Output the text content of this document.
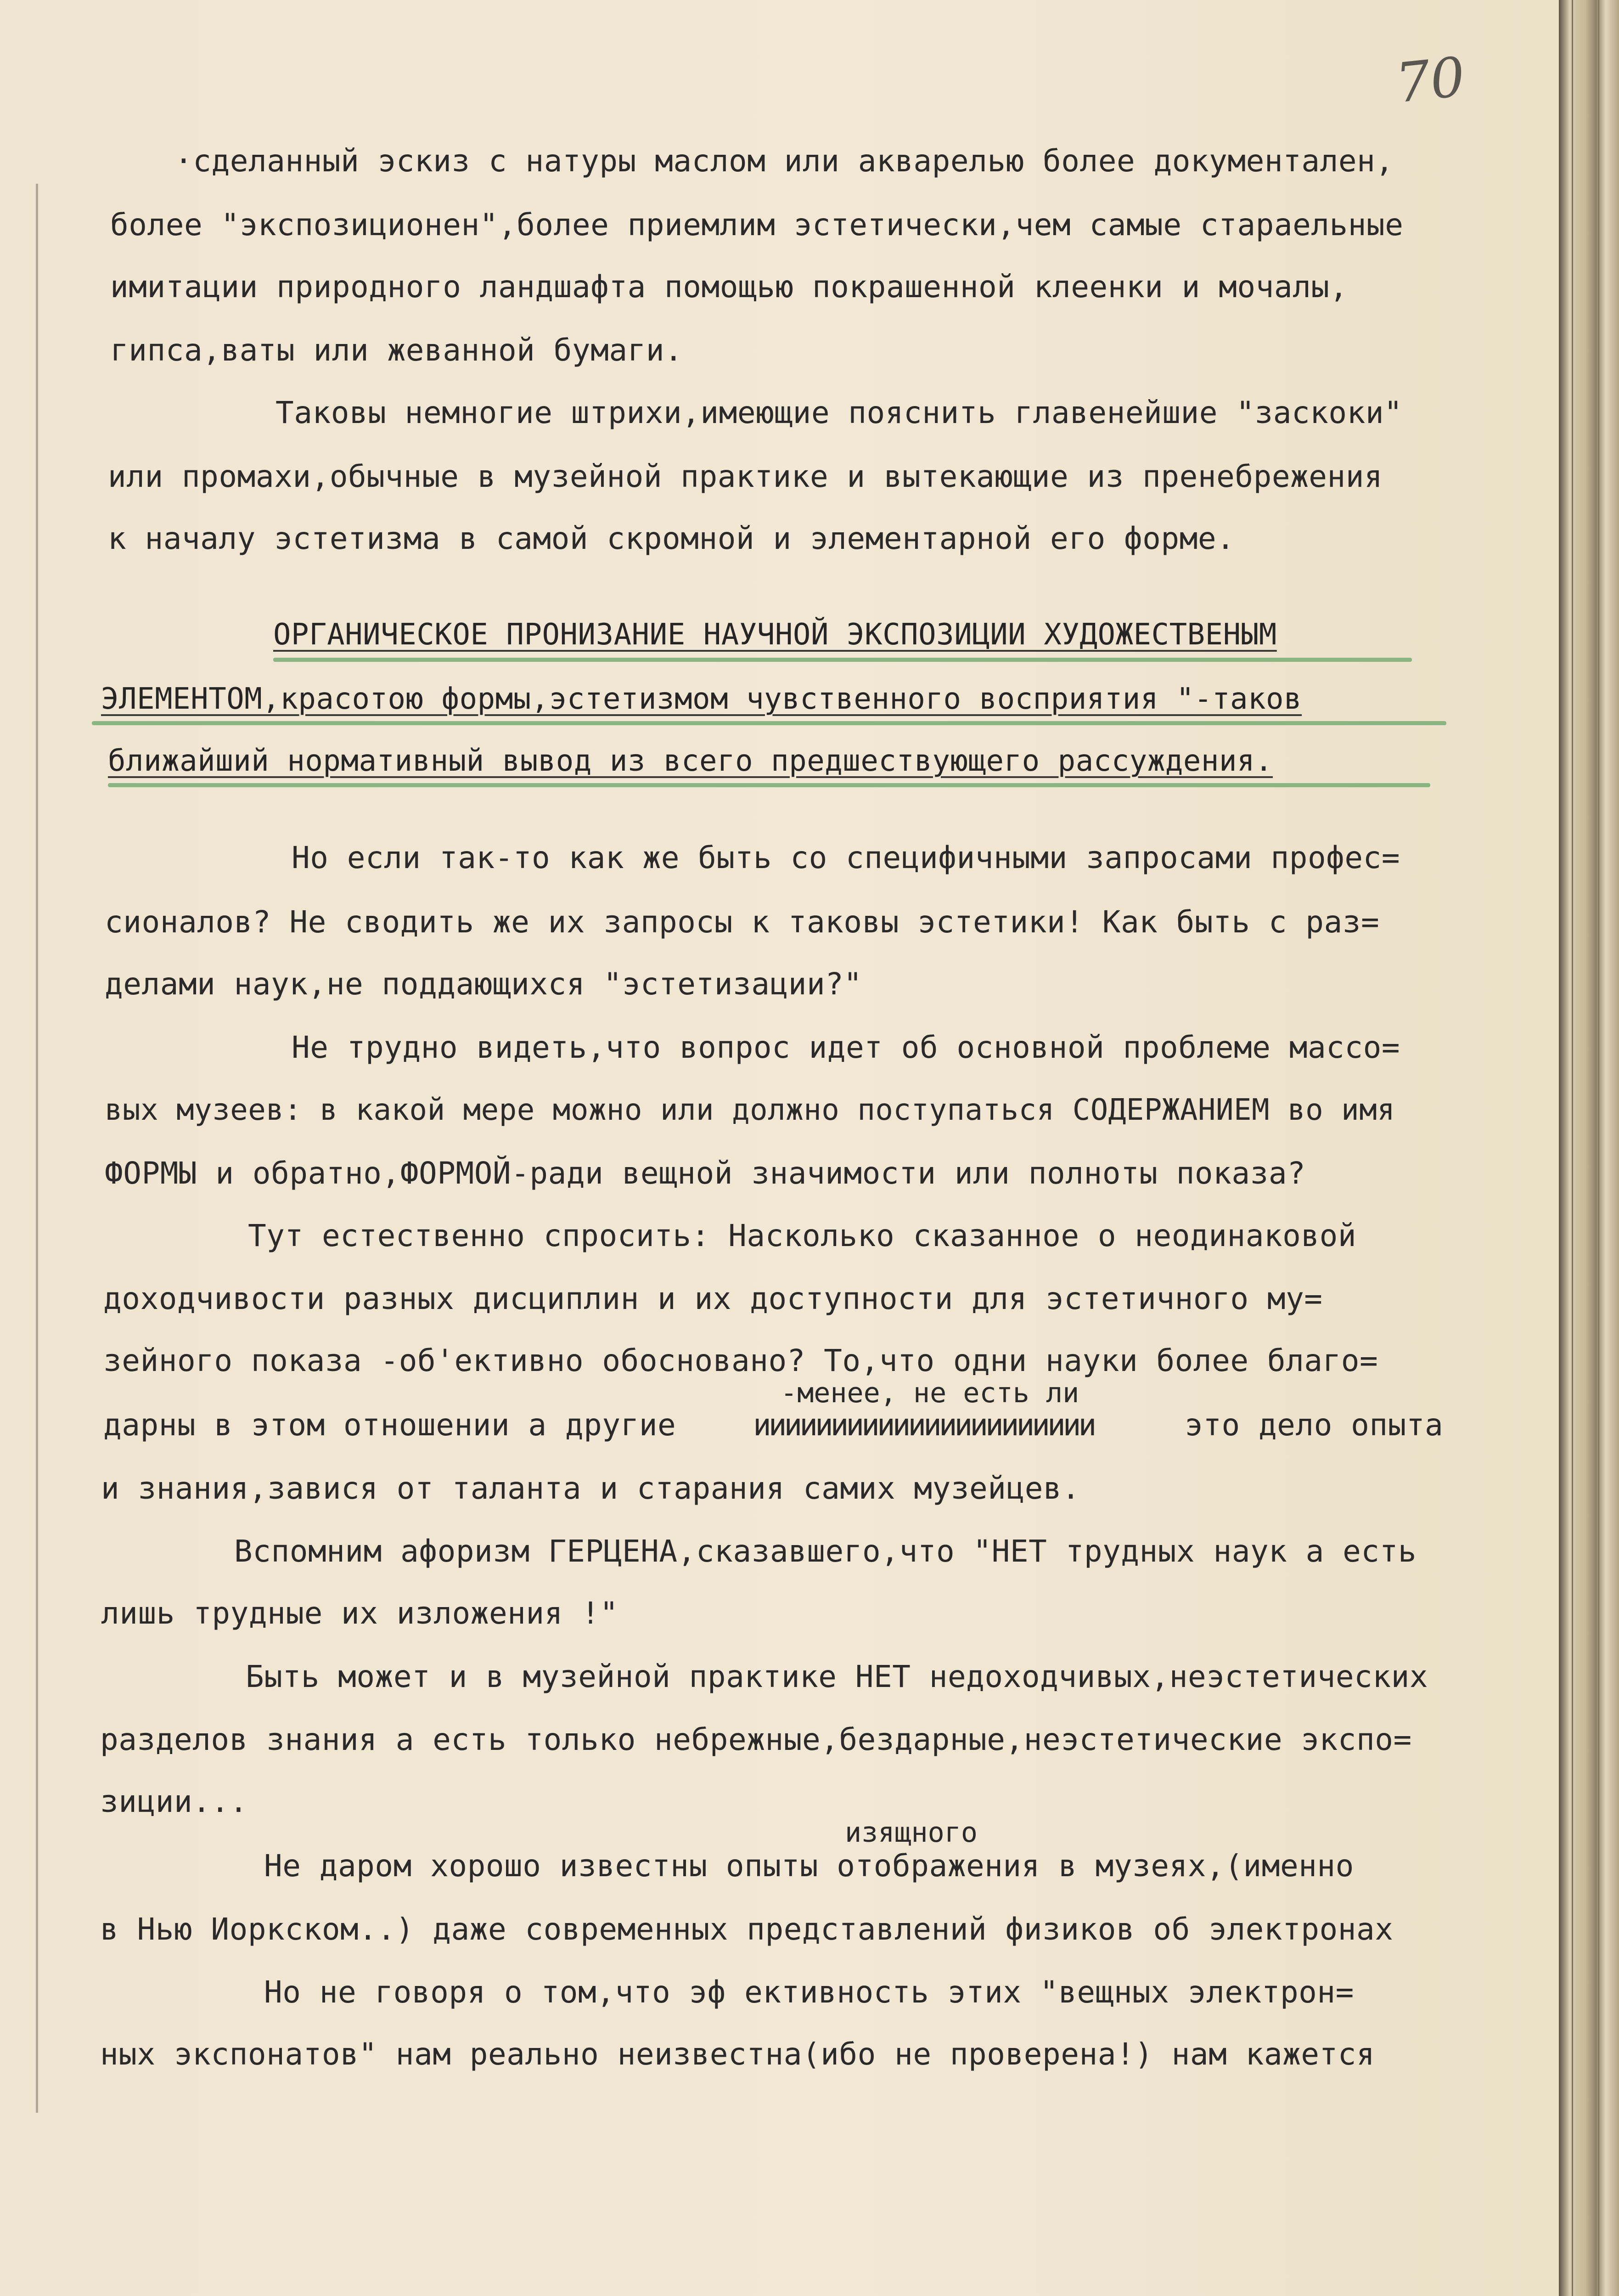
70

·сделанный эскиз с натуры маслом или акварелью более документален,

более "экспозиционен",более приемлим эстетически,чем самые стараельные

имитации природного ландшафта помощью покрашенной клеенки и мочалы,

гипса,ваты или жеванной бумаги.

Таковы немногие штрихи,имеющие пояснить главенейшие "заскоки"

или промахи,обычные в музейной практике и вытекающие из пренебрежения

к началу эстетизма в самой скромной и элементарной его форме.

ОРГАНИЧЕСКОЕ ПРОНИЗАНИЕ НАУЧНОЙ ЭКСПОЗИЦИИ ХУДОЖЕСТВЕНЫМ

ЭЛЕМЕНТОМ,красотою формы,эстетизмом чувственного восприятия "-таков

ближайший нормативный вывод из всего предшествующего рассуждения.

Но если так-то как же быть со специфичными запросами профес=

сионалов? Не сводить же их запросы к таковы эстетики! Как быть с раз=

делами наук,не поддающихся "эстетизации?"

Не трудно видеть,что вопрос идет об основной проблеме массо=

вых музеев: в какой мере можно или должно поступаться СОДЕРЖАНИЕМ во имя

ФОРМЫ и обратно,ФОРМОЙ-ради вещной значимости или полноты показа?

Тут естественно спросить: Насколько сказанное о неодинаковой

доходчивости разных дисциплин и их доступности для эстетичного му=

зейного показа -об'ективно обосновано? То,что одни науки более благо=

-менее, не есть ли

дарны в этом отношении а другие	ииииииииииииииииииииии	это дело опыта

и знания,завися от таланта и старания самих музейцев.

Вспомним афоризм ГЕРЦЕНА,сказавшего,что "НЕТ трудных наук а есть

лишь трудные их изложения !"

Быть может и в музейной практике НЕТ недоходчивых,неэстетических

разделов знания а есть только небрежные,бездарные,неэстетические экспо=

зиции...

изящного

Не даром хорошо известны опыты отображения в музеях,(именно

в Нью Иоркском..) даже современных представлений физиков об электронах

Но не говоря о том,что эф ективность этих "вещных электрон=

ных экспонатов" нам реально неизвестна(ибо не проверена!) нам кажется
